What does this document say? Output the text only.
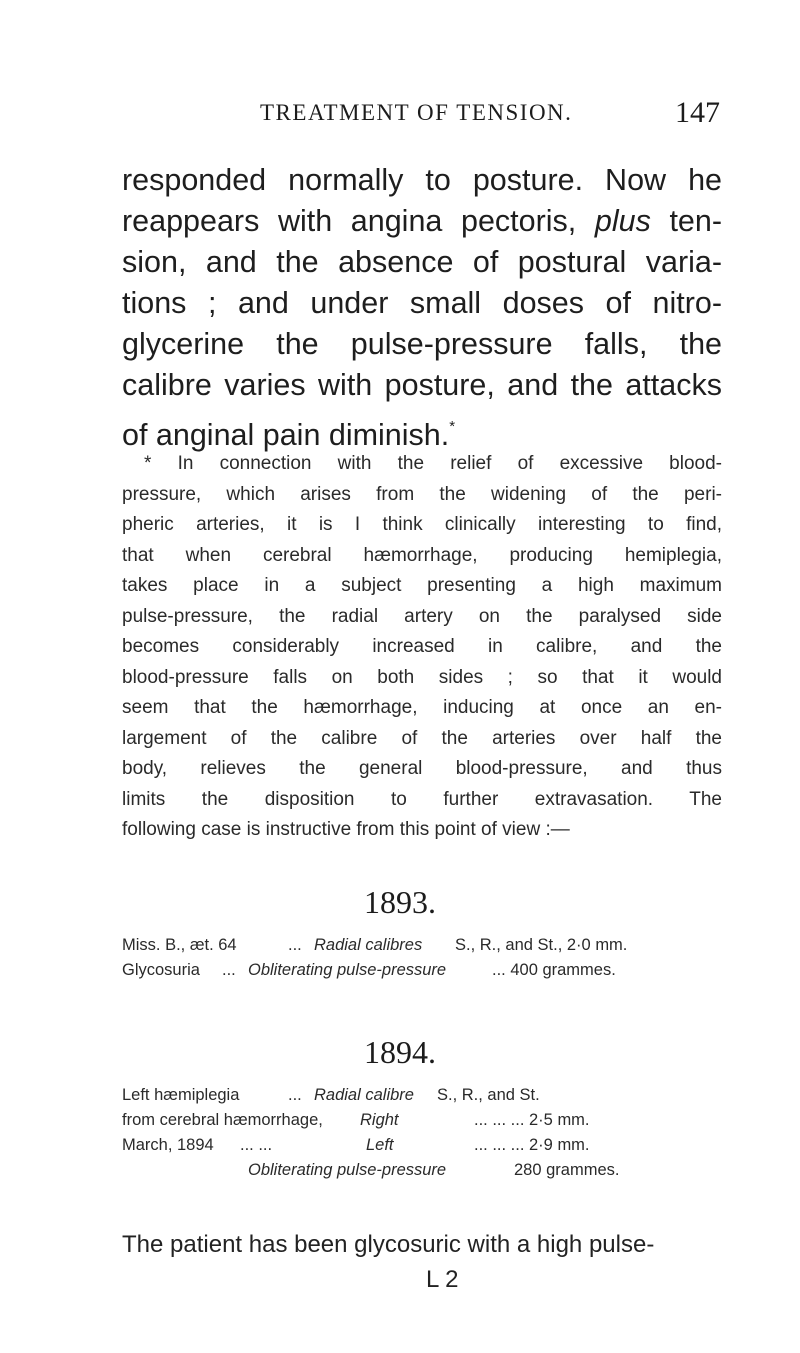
TREATMENT OF TENSION.	147
responded normally to posture. Now he
reappears with angina pectoris, plus ten-
sion, and the absence of postural varia-
tions ; and under small doses of nitro-
glycerine the pulse-pressure falls, the
calibre varies with posture, and the attacks
of anginal pain diminish.*
* In connection with the relief of excessive blood-
pressure, which arises from the widening of the peri-
pheric arteries, it is I think clinically interesting to find,
that when cerebral hæmorrhage, producing hemiplegia,
takes place in a subject presenting a high maximum
pulse-pressure, the radial artery on the paralysed side
becomes considerably increased in calibre, and the
blood-pressure falls on both sides ; so that it would
seem that the hæmorrhage, inducing at once an en-
largement of the calibre of the arteries over half the
body, relieves the general blood-pressure, and thus
limits the disposition to further extravasation. The
following case is instructive from this point of view :—
1893.
Miss. B., æt. 64	... Radial calibres S., R., and St., 2·0 mm.
Glycosuria ... Obliterating pulse-pressure	... 400 grammes.
1894.
Left hæmiplegia	... Radial calibre S., R., and St.
from cerebral hæmorrhage, Right	... ... ... 2·5 mm.
March, 1894 ... ...	Left	... ... ... 2·9 mm.
Obliterating pulse-pressure	280 grammes.
The patient has been glycosuric with a high pulse-
L 2
